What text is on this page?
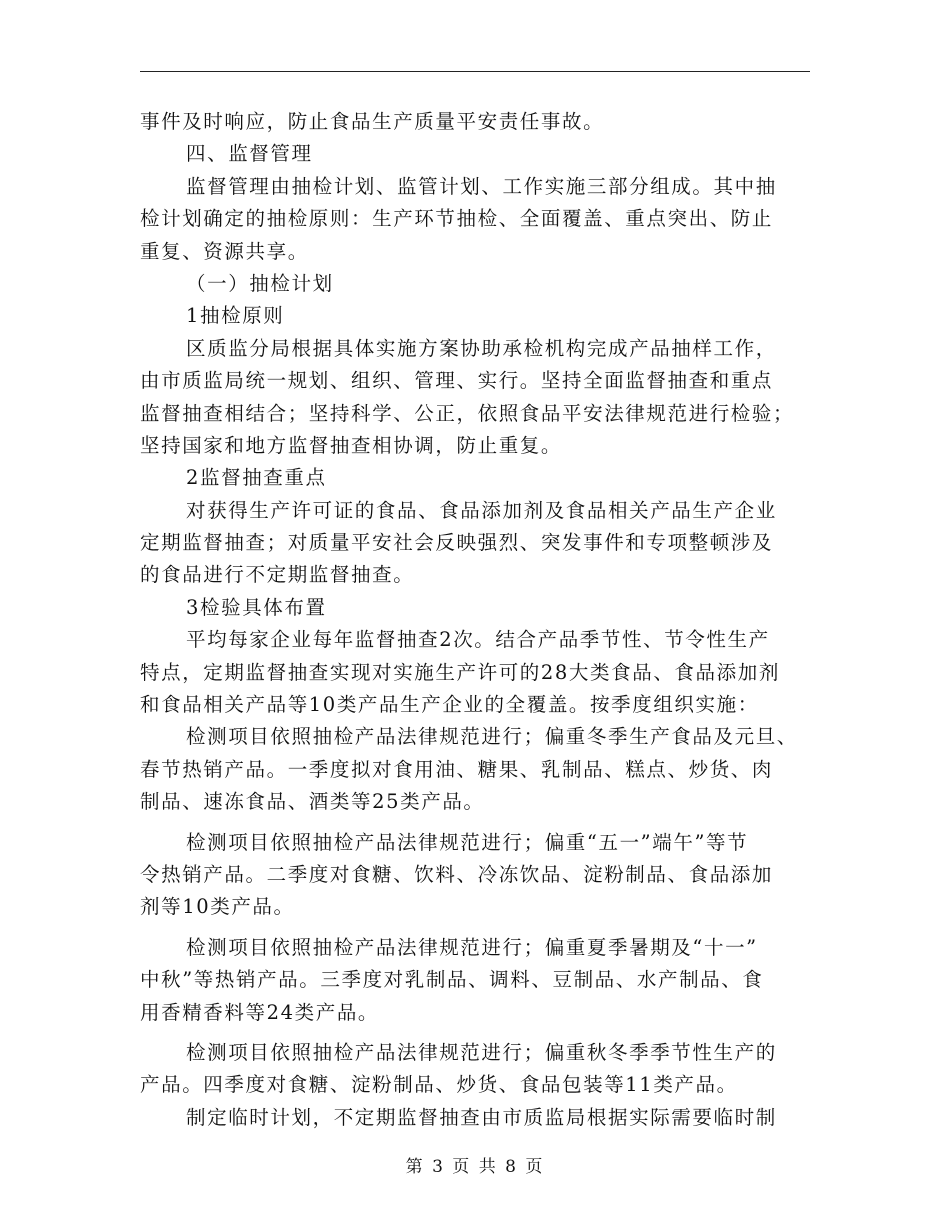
事件及时响应，防止食品生产质量平安责任事故。
四、监督管理
监督管理由抽检计划、监管计划、工作实施三部分组成。其中抽
检计划确定的抽检原则：生产环节抽检、全面覆盖、重点突出、防止
重复、资源共享。
（一）抽检计划
1抽检原则
区质监分局根据具体实施方案协助承检机构完成产品抽样工作，
由市质监局统一规划、组织、管理、实行。坚持全面监督抽查和重点
监督抽查相结合；坚持科学、公正，依照食品平安法律规范进行检验；
坚持国家和地方监督抽查相协调，防止重复。
2监督抽查重点
对获得生产许可证的食品、食品添加剂及食品相关产品生产企业
定期监督抽查；对质量平安社会反映强烈、突发事件和专项整顿涉及
的食品进行不定期监督抽查。
3检验具体布置
平均每家企业每年监督抽查2次。结合产品季节性、节令性生产
特点，定期监督抽查实现对实施生产许可的28大类食品、食品添加剂
和食品相关产品等10类产品生产企业的全覆盖。按季度组织实施：
检测项目依照抽检产品法律规范进行；偏重冬季生产食品及元旦、
春节热销产品。一季度拟对食用油、糖果、乳制品、糕点、炒货、肉
制品、速冻食品、酒类等25类产品。
检测项目依照抽检产品法律规范进行；偏重“五一”端午”等节
令热销产品。二季度对食糖、饮料、冷冻饮品、淀粉制品、食品添加
剂等10类产品。
检测项目依照抽检产品法律规范进行；偏重夏季暑期及“十一”
中秋”等热销产品。三季度对乳制品、调料、豆制品、水产制品、食
用香精香料等24类产品。
检测项目依照抽检产品法律规范进行；偏重秋冬季季节性生产的
产品。四季度对食糖、淀粉制品、炒货、食品包装等11类产品。
制定临时计划，不定期监督抽查由市质监局根据实际需要临时制
第 3 页 共 8 页
